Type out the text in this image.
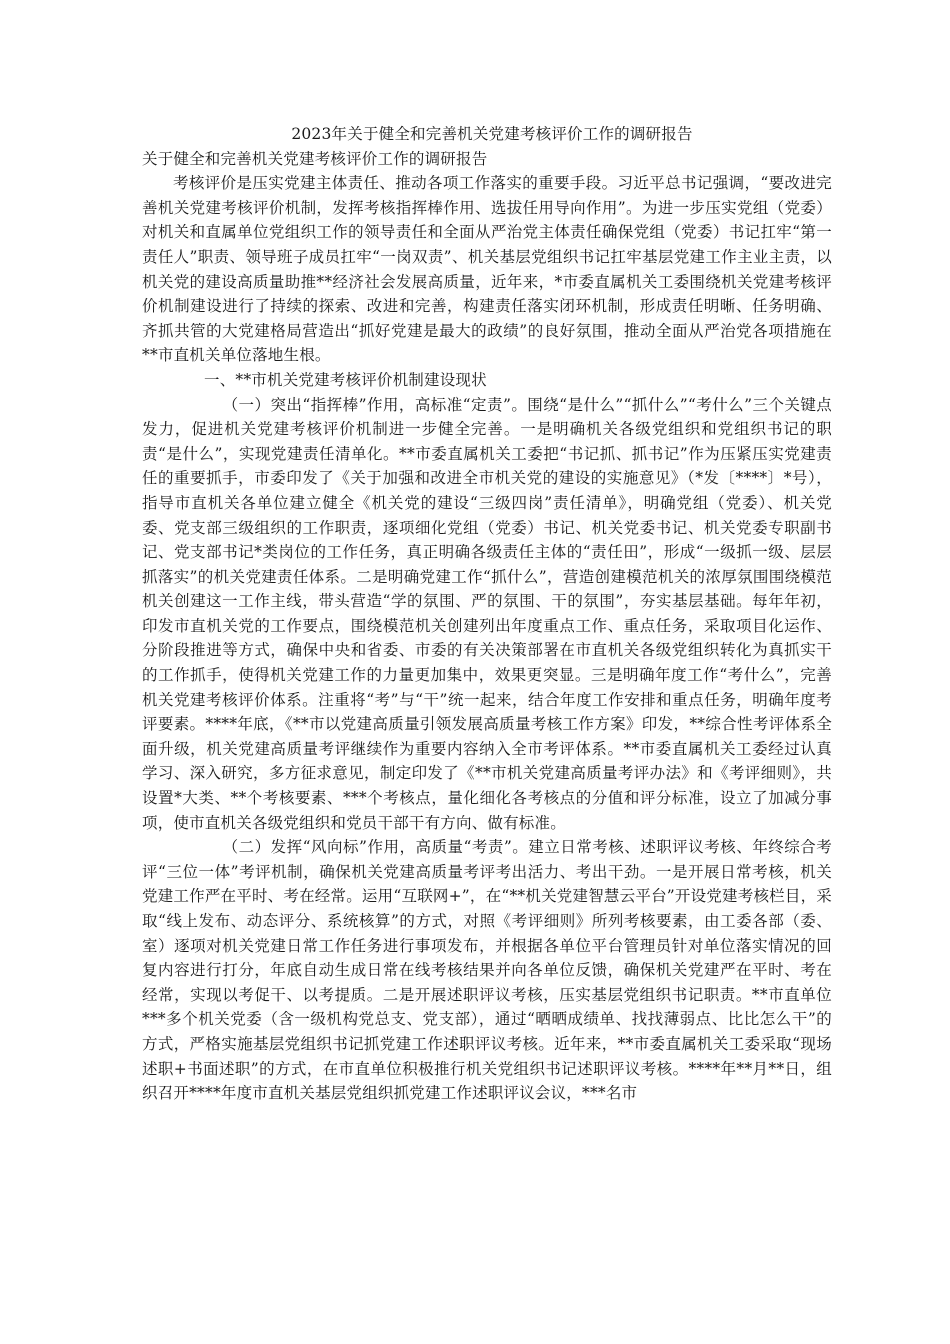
2023年关于健全和完善机关党建考核评价工作的调研报告

关于健全和完善机关党建考核评价工作的调研报告

考核评价是压实党建主体责任、推动各项工作落实的重要手段。习近平总书记强调，“要改进完善机关党建考核评价机制，发挥考核指挥棒作用、选拔任用导向作用”。为进一步压实党组（党委）对机关和直属单位党组织工作的领导责任和全面从严治党主体责任确保党组（党委）书记扛牢“第一责任人”职责、领导班子成员扛牢“一岗双责”、机关基层党组织书记扛牢基层党建工作主业主责，以机关党的建设高质量助推**经济社会发展高质量，近年来，*市委直属机关工委围绕机关党建考核评价机制建设进行了持续的探索、改进和完善，构建责任落实闭环机制，形成责任明晰、任务明确、齐抓共管的大党建格局营造出“抓好党建是最大的政绩”的良好氛围，推动全面从严治党各项措施在**市直机关单位落地生根。

一、**市机关党建考核评价机制建设现状

（一）突出“指挥棒”作用，高标准“定责”。围绕“是什么”“抓什么”“考什么”三个关键点发力，促进机关党建考核评价机制进一步健全完善。一是明确机关各级党组织和党组织书记的职责“是什么”，实现党建责任清单化。**市委直属机关工委把“书记抓、抓书记”作为压紧压实党建责任的重要抓手，市委印发了《关于加强和改进全市机关党的建设的实施意见》（*发〔****〕*号），指导市直机关各单位建立健全《机关党的建设“三级四岗”责任清单》，明确党组（党委）、机关党委、党支部三级组织的工作职责，逐项细化党组（党委）书记、机关党委书记、机关党委专职副书记、党支部书记*类岗位的工作任务，真正明确各级责任主体的“责任田”，形成“一级抓一级、层层抓落实”的机关党建责任体系。二是明确党建工作“抓什么”，营造创建模范机关的浓厚氛围围绕模范机关创建这一工作主线，带头营造“学的氛围、严的氛围、干的氛围”，夯实基层基础。每年年初，印发市直机关党的工作要点，围绕模范机关创建列出年度重点工作、重点任务，采取项目化运作、分阶段推进等方式，确保中央和省委、市委的有关决策部署在市直机关各级党组织转化为真抓实干的工作抓手，使得机关党建工作的力量更加集中，效果更突显。三是明确年度工作“考什么”，完善机关党建考核评价体系。注重将“考”与“干”统一起来，结合年度工作安排和重点任务，明确年度考评要素。****年底，《**市以党建高质量引领发展高质量考核工作方案》印发，**综合性考评体系全面升级，机关党建高质量考评继续作为重要内容纳入全市考评体系。**市委直属机关工委经过认真学习、深入研究，多方征求意见，制定印发了《**市机关党建高质量考评办法》和《考评细则》，共设置*大类、**个考核要素、***个考核点，量化细化各考核点的分值和评分标准，设立了加减分事项，使市直机关各级党组织和党员干部干有方向、做有标准。

（二）发挥“风向标”作用，高质量“考责”。建立日常考核、述职评议考核、年终综合考评“三位一体”考评机制，确保机关党建高质量考评考出活力、考出干劲。一是开展日常考核，机关党建工作严在平时、考在经常。运用“互联网+”，在“**机关党建智慧云平台”开设党建考核栏目，采取“线上发布、动态评分、系统核算”的方式，对照《考评细则》所列考核要素，由工委各部（委、室）逐项对机关党建日常工作任务进行事项发布，并根据各单位平台管理员针对单位落实情况的回复内容进行打分，年底自动生成日常在线考核结果并向各单位反馈，确保机关党建严在平时、考在经常，实现以考促干、以考提质。二是开展述职评议考核，压实基层党组织书记职责。**市直单位***多个机关党委（含一级机构党总支、党支部），通过“晒晒成绩单、找找薄弱点、比比怎么干”的方式，严格实施基层党组织书记抓党建工作述职评议考核。近年来，**市委直属机关工委采取“现场述职+书面述职”的方式，在市直单位积极推行机关党组织书记述职评议考核。****年**月**日，组织召开****年度市直机关基层党组织抓党建工作述职评议会议，***名市
